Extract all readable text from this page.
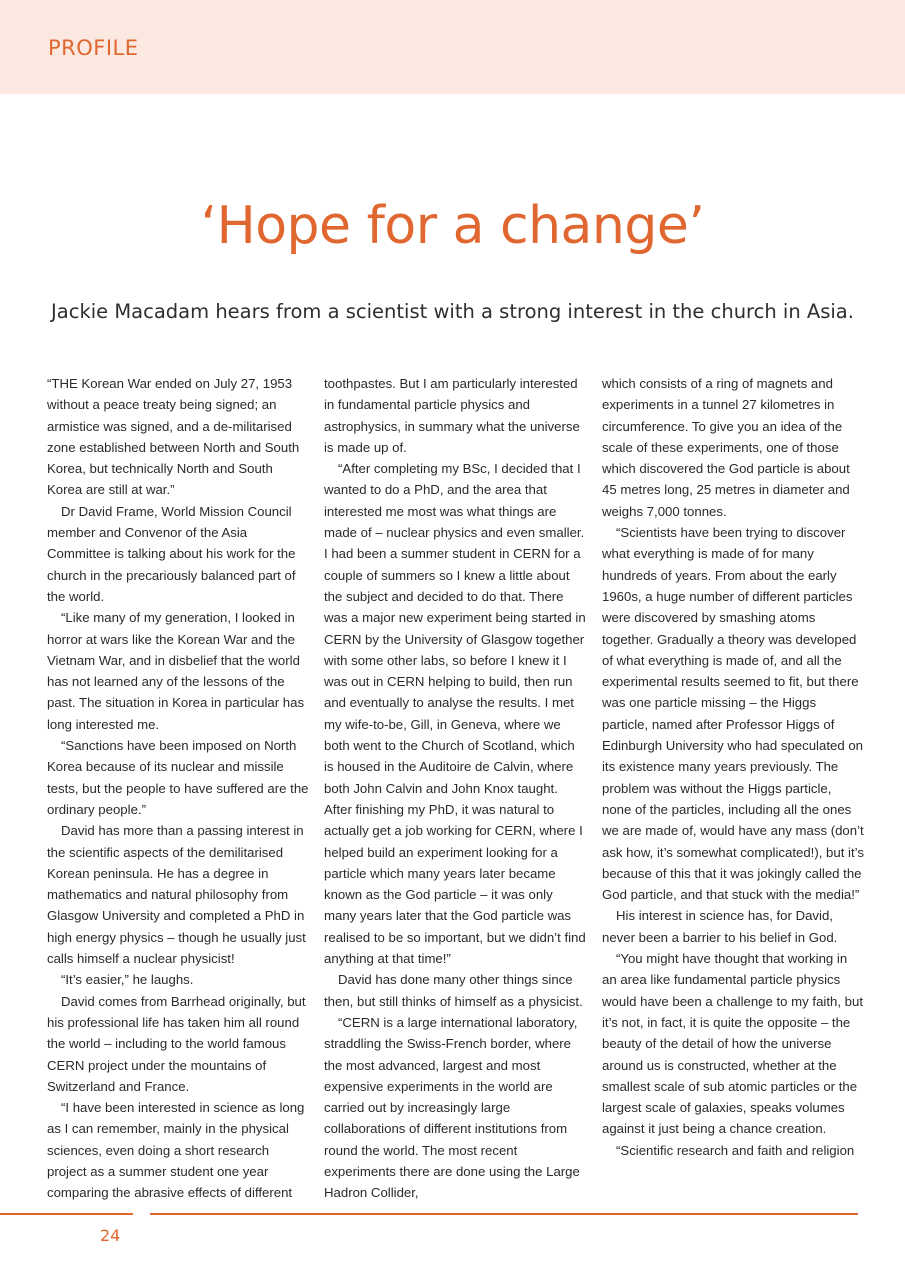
PROFILE
‘Hope for a change’

Jackie Macadam hears from a scientist with a strong interest in the church in Asia.

“THE Korean War ended on July 27, 1953 without a peace treaty being signed; an armistice was signed, and a de-militarised zone established between North and South Korea, but technically North and South Korea are still at war.”

Dr David Frame, World Mission Council member and Convenor of the Asia Committee is talking about his work for the church in the precariously balanced part of the world.

“Like many of my generation, I looked in horror at wars like the Korean War and the Vietnam War, and in disbelief that the world has not learned any of the lessons of the past. The situation in Korea in particular has long interested me.

“Sanctions have been imposed on North Korea because of its nuclear and missile tests, but the people to have suffered are the ordinary people.”

David has more than a passing interest in the scientific aspects of the demilitarised Korean peninsula. He has a degree in mathematics and natural philosophy from Glasgow University and completed a PhD in high energy physics – though he usually just calls himself a nuclear physicist!

“It’s easier,” he laughs.

David comes from Barrhead originally, but his professional life has taken him all round the world – including to the world famous CERN project under the mountains of Switzerland and France.

“I have been interested in science as long as I can remember, mainly in the physical sciences, even doing a short research project as a summer student one year comparing the abrasive effects of different

toothpastes. But I am particularly interested in fundamental particle physics and astrophysics, in summary what the universe is made up of.

“After completing my BSc, I decided that I wanted to do a PhD, and the area that interested me most was what things are made of – nuclear physics and even smaller. I had been a summer student in CERN for a couple of summers so I knew a little about the subject and decided to do that. There was a major new experiment being started in CERN by the University of Glasgow together with some other labs, so before I knew it I was out in CERN helping to build, then run and eventually to analyse the results. I met my wife-to-be, Gill, in Geneva, where we both went to the Church of Scotland, which is housed in the Auditoire de Calvin, where both John Calvin and John Knox taught. After finishing my PhD, it was natural to actually get a job working for CERN, where I helped build an experiment looking for a particle which many years later became known as the God particle – it was only many years later that the God particle was realised to be so important, but we didn’t find anything at that time!”

David has done many other things since then, but still thinks of himself as a physicist.

“CERN is a large international laboratory, straddling the Swiss-French border, where the most advanced, largest and most expensive experiments in the world are carried out by increasingly large collaborations of different institutions from round the world. The most recent experiments there are done using the Large Hadron Collider,

which consists of a ring of magnets and experiments in a tunnel 27 kilometres in circumference. To give you an idea of the scale of these experiments, one of those which discovered the God particle is about 45 metres long, 25 metres in diameter and weighs 7,000 tonnes.

“Scientists have been trying to discover what everything is made of for many hundreds of years. From about the early 1960s, a huge number of different particles were discovered by smashing atoms together. Gradually a theory was developed of what everything is made of, and all the experimental results seemed to fit, but there was one particle missing – the Higgs particle, named after Professor Higgs of Edinburgh University who had speculated on its existence many years previously. The problem was without the Higgs particle, none of the particles, including all the ones we are made of, would have any mass (don’t ask how, it’s somewhat complicated!), but it’s because of this that it was jokingly called the God particle, and that stuck with the media!”

His interest in science has, for David, never been a barrier to his belief in God.

“You might have thought that working in an area like fundamental particle physics would have been a challenge to my faith, but it’s not, in fact, it is quite the opposite – the beauty of the detail of how the universe around us is constructed, whether at the smallest scale of sub atomic particles or the largest scale of galaxies, speaks volumes against it just being a chance creation.

“Scientific research and faith and religion

24
